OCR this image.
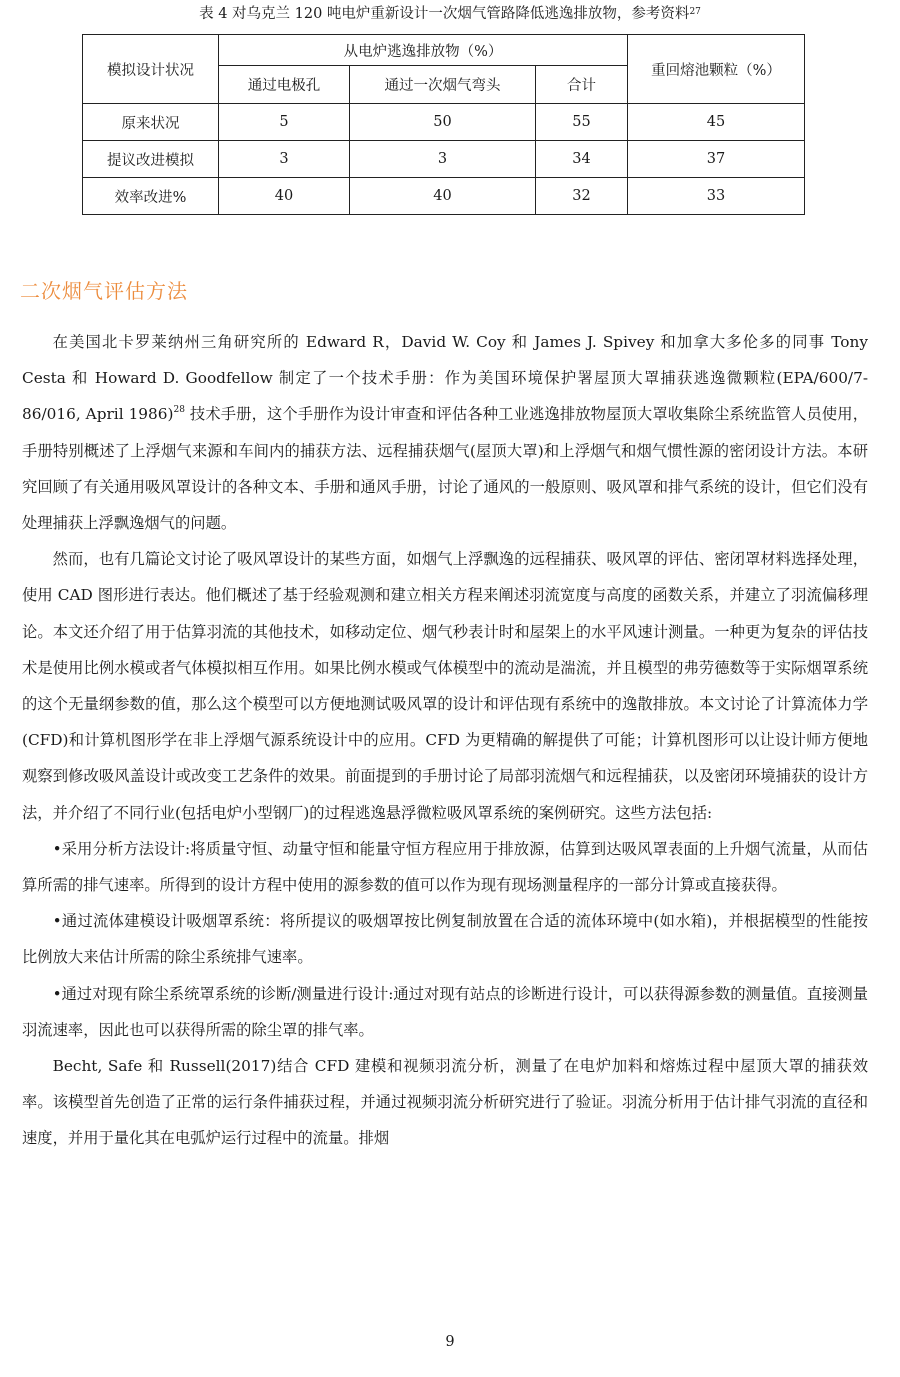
表 4 对乌克兰 120 吨电炉重新设计一次烟气管路降低逃逸排放物，参考资料$^{27}$
模拟设计状况	从电炉逃逸排放物（%）			重回熔池颗粒（%）
	通过电极孔	通过一次烟气弯头	合计	
原来状况	5	50	55	45
提议改进模拟	3	3	34	37
效率改进%	40	40	32	33
二次烟气评估方法

在美国北卡罗莱纳州三角研究所的 Edward R，David W. Coy 和 James J. Spivey 和加拿大多伦多的同事 Tony Cesta 和 Howard D. Goodfellow 制定了一个技术手册：作为美国环境保护署屋顶大罩捕获逃逸微颗粒(EPA/600/7-86/016, April 1986)$^{28}$ 技术手册，这个手册作为设计审查和评估各种工业逃逸排放物屋顶大罩收集除尘系统监管人员使用，手册特别概述了上浮烟气来源和车间内的捕获方法、远程捕获烟气(屋顶大罩)和上浮烟气和烟气惯性源的密闭设计方法。本研究回顾了有关通用吸风罩设计的各种文本、手册和通风手册，讨论了通风的一般原则、吸风罩和排气系统的设计，但它们没有处理捕获上浮飘逸烟气的问题。

然而，也有几篇论文讨论了吸风罩设计的某些方面，如烟气上浮飘逸的远程捕获、吸风罩的评估、密闭罩材料选择处理，使用 CAD 图形进行表达。他们概述了基于经验观测和建立相关方程来阐述羽流宽度与高度的函数关系，并建立了羽流偏移理论。本文还介绍了用于估算羽流的其他技术，如移动定位、烟气秒表计时和屋架上的水平风速计测量。一种更为复杂的评估技术是使用比例水模或者气体模拟相互作用。如果比例水模或气体模型中的流动是湍流，并且模型的弗劳德数等于实际烟罩系统的这个无量纲参数的值，那么这个模型可以方便地测试吸风罩的设计和评估现有系统中的逸散排放。本文讨论了计算流体力学(CFD)和计算机图形学在非上浮烟气源系统设计中的应用。CFD 为更精确的解提供了可能；计算机图形可以让设计师方便地观察到修改吸风盖设计或改变工艺条件的效果。前面提到的手册讨论了局部羽流烟气和远程捕获，以及密闭环境捕获的设计方法，并介绍了不同行业(包括电炉小型钢厂)的过程逃逸悬浮微粒吸风罩系统的案例研究。这些方法包括:

•采用分析方法设计:将质量守恒、动量守恒和能量守恒方程应用于排放源，估算到达吸风罩表面的上升烟气流量，从而估算所需的排气速率。所得到的设计方程中使用的源参数的值可以作为现有现场测量程序的一部分计算或直接获得。

•通过流体建模设计吸烟罩系统：将所提议的吸烟罩按比例复制放置在合适的流体环境中(如水箱)，并根据模型的性能按比例放大来估计所需的除尘系统排气速率。

•通过对现有除尘系统罩系统的诊断/测量进行设计:通过对现有站点的诊断进行设计，可以获得源参数的测量值。直接测量羽流速率，因此也可以获得所需的除尘罩的排气率。

Becht, Safe 和 Russell(2017)结合 CFD 建模和视频羽流分析，测量了在电炉加料和熔炼过程中屋顶大罩的捕获效率。该模型首先创造了正常的运行条件捕获过程，并通过视频羽流分析研究进行了验证。羽流分析用于估计排气羽流的直径和速度，并用于量化其在电弧炉运行过程中的流量。排烟

9
